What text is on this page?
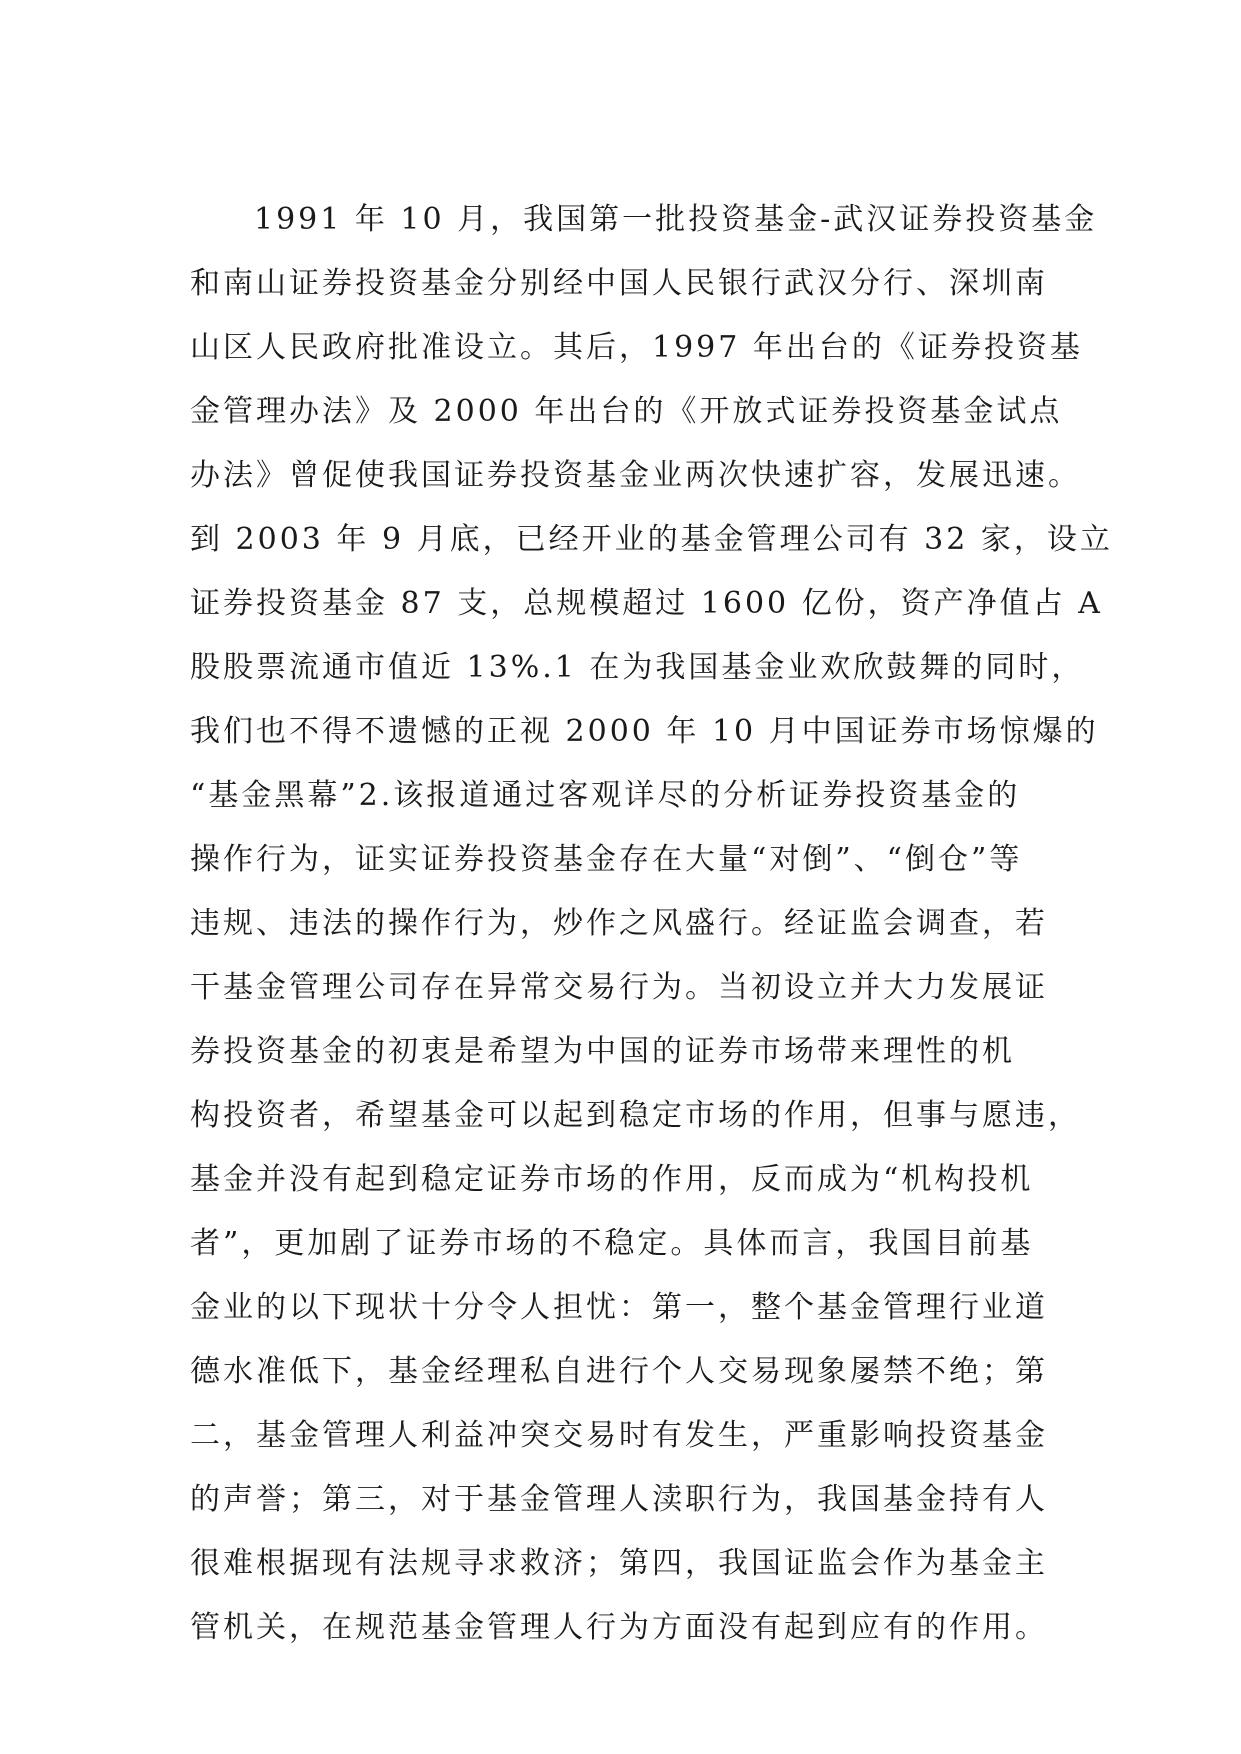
1991 年 10 月，我国第一批投资基金-武汉证券投资基金
和南山证券投资基金分别经中国人民银行武汉分行、深圳南
山区人民政府批准设立。其后，1997 年出台的《证券投资基
金管理办法》及 2000 年出台的《开放式证券投资基金试点
办法》曾促使我国证券投资基金业两次快速扩容，发展迅速。
到 2003 年 9 月底，已经开业的基金管理公司有 32 家，设立
证券投资基金 87 支，总规模超过 1600 亿份，资产净值占 A
股股票流通市值近 13%.1 在为我国基金业欢欣鼓舞的同时，
我们也不得不遗憾的正视 2000 年 10 月中国证券市场惊爆的
“基金黑幕”2.该报道通过客观详尽的分析证券投资基金的
操作行为，证实证券投资基金存在大量“对倒”、“倒仓”等
违规、违法的操作行为，炒作之风盛行。经证监会调查，若
干基金管理公司存在异常交易行为。当初设立并大力发展证
券投资基金的初衷是希望为中国的证券市场带来理性的机
构投资者，希望基金可以起到稳定市场的作用，但事与愿违，
基金并没有起到稳定证券市场的作用，反而成为“机构投机
者”，更加剧了证券市场的不稳定。具体而言，我国目前基
金业的以下现状十分令人担忧：第一，整个基金管理行业道
德水准低下，基金经理私自进行个人交易现象屡禁不绝；第
二，基金管理人利益冲突交易时有发生，严重影响投资基金
的声誉；第三，对于基金管理人渎职行为，我国基金持有人
很难根据现有法规寻求救济；第四，我国证监会作为基金主
管机关，在规范基金管理人行为方面没有起到应有的作用。
